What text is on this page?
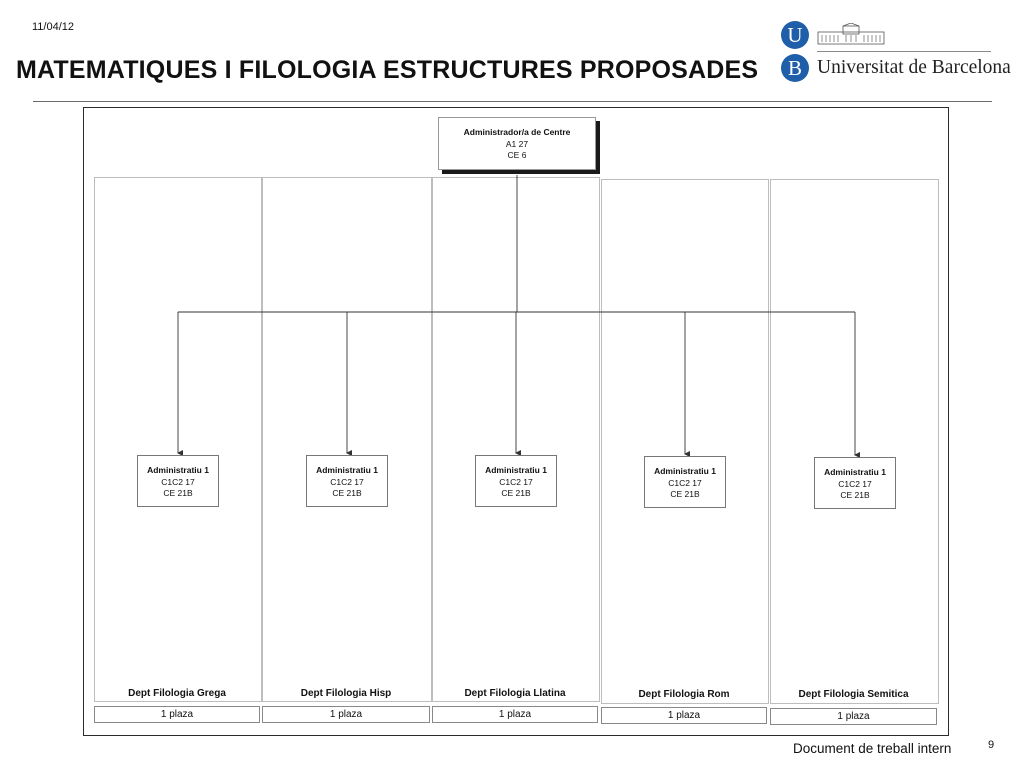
11/04/12
MATEMATIQUES I FILOLOGIA ESTRUCTURES PROPOSADES
U
B Universitat de Barcelona
Administrador/a de Centre
A1 27
CE 6
Administratiu 1
C1C2 17
CE 21B
Administratiu 1
C1C2 17
CE 21B
Administratiu 1
C1C2 17
CE 21B
Administratiu 1
C1C2 17
CE 21B
Administratiu 1
C1C2 17
CE 21B
Dept Filologia Grega	Dept Filologia Hisp	Dept Filologia Llatina	Dept Filologia Rom	Dept Filologia Semitica
1 plaza	1 plaza	1 plaza	1 plaza	1 plaza
Document de treball intern	9
